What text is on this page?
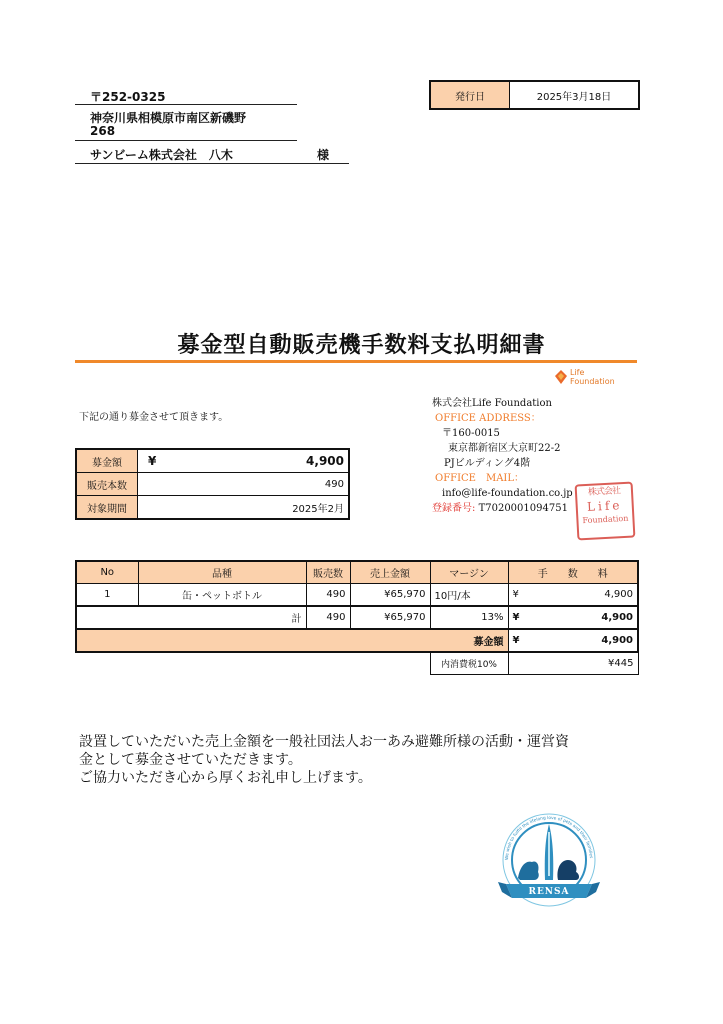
〒252-0325
神奈川県相模原市南区新磯野
268
サンビーム株式会社　八木	様
発行日	2025年3月18日
募金型自動販売機手数料支払明細書
下記の通り募金させて頂きます。
募金額	¥ 4,900

販売本数	490
対象期間	2025年2月
Life
Foundation
株式会社Life Foundation
OFFICE ADDRESS：
〒160-0015
東京都新宿区大京町22-2
PJビルディング4階
OFFICE　MAIL：
info@life-foundation.co.jp
登録番号: T7020001094751
株式会社
Life
Foundation
No	品種	販売数	売上金額	マージン	手　　数　　料
1	缶・ペットボトル	490	¥65,970	10円/本	¥ 4,900

計		490	¥65,970	13%	¥ 4,900

募金額					¥ 4,900

				内消費税10%	¥445
設置していただいた売上金額を一般社団法人お一あみ避難所様の活動・運営資
金として募金させていただきます。
ご協力いただき心から厚くお礼申し上げます。
We wish to fulfill the lifelong love of pets and their families
RENSA
